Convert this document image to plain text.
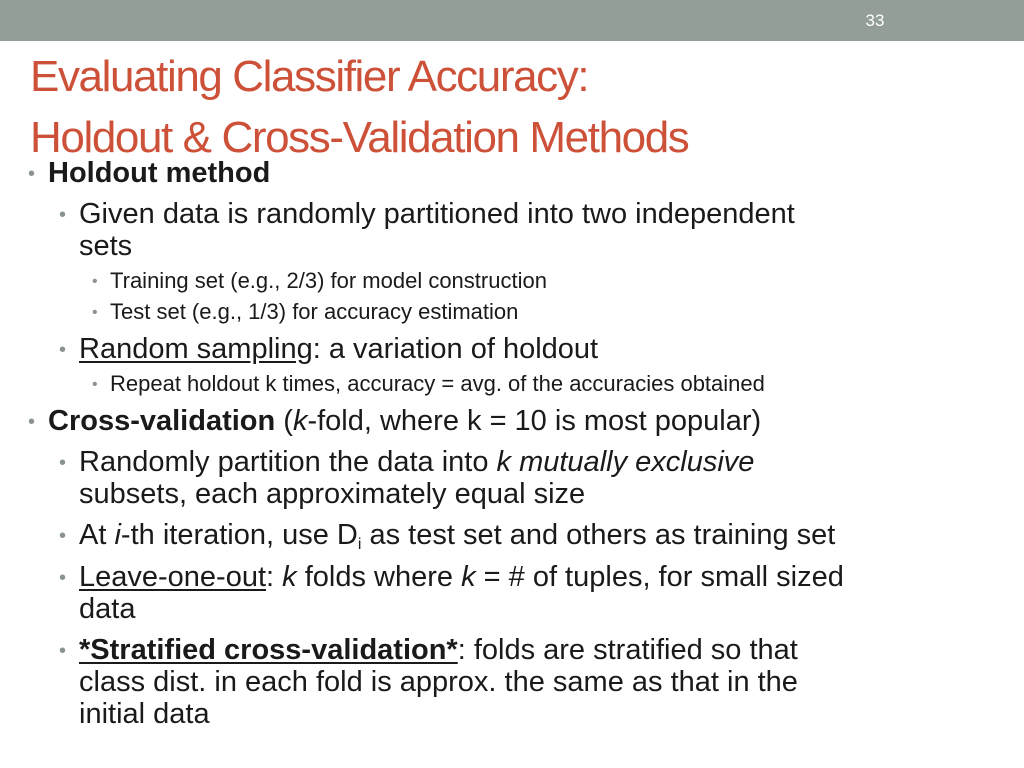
33
Evaluating Classifier Accuracy:
Holdout & Cross-Validation Methods

• Holdout method

• Given data is randomly partitioned into two independent

sets

• Training set (e.g., 2/3) for model construction

• Test set (e.g., 1/3) for accuracy estimation

• Random sampling: a variation of holdout

• Repeat holdout k times, accuracy = avg. of the accuracies obtained

• Cross-validation (k-fold, where k = 10 is most popular)

• Randomly partition the data into k mutually exclusive

subsets, each approximately equal size

• At i-th iteration, use $D_i$ as test set and others as training set

• Leave-one-out: k folds where k = # of tuples, for small sized

data

• *Stratified cross-validation*: folds are stratified so that

class dist. in each fold is approx. the same as that in the

initial data
